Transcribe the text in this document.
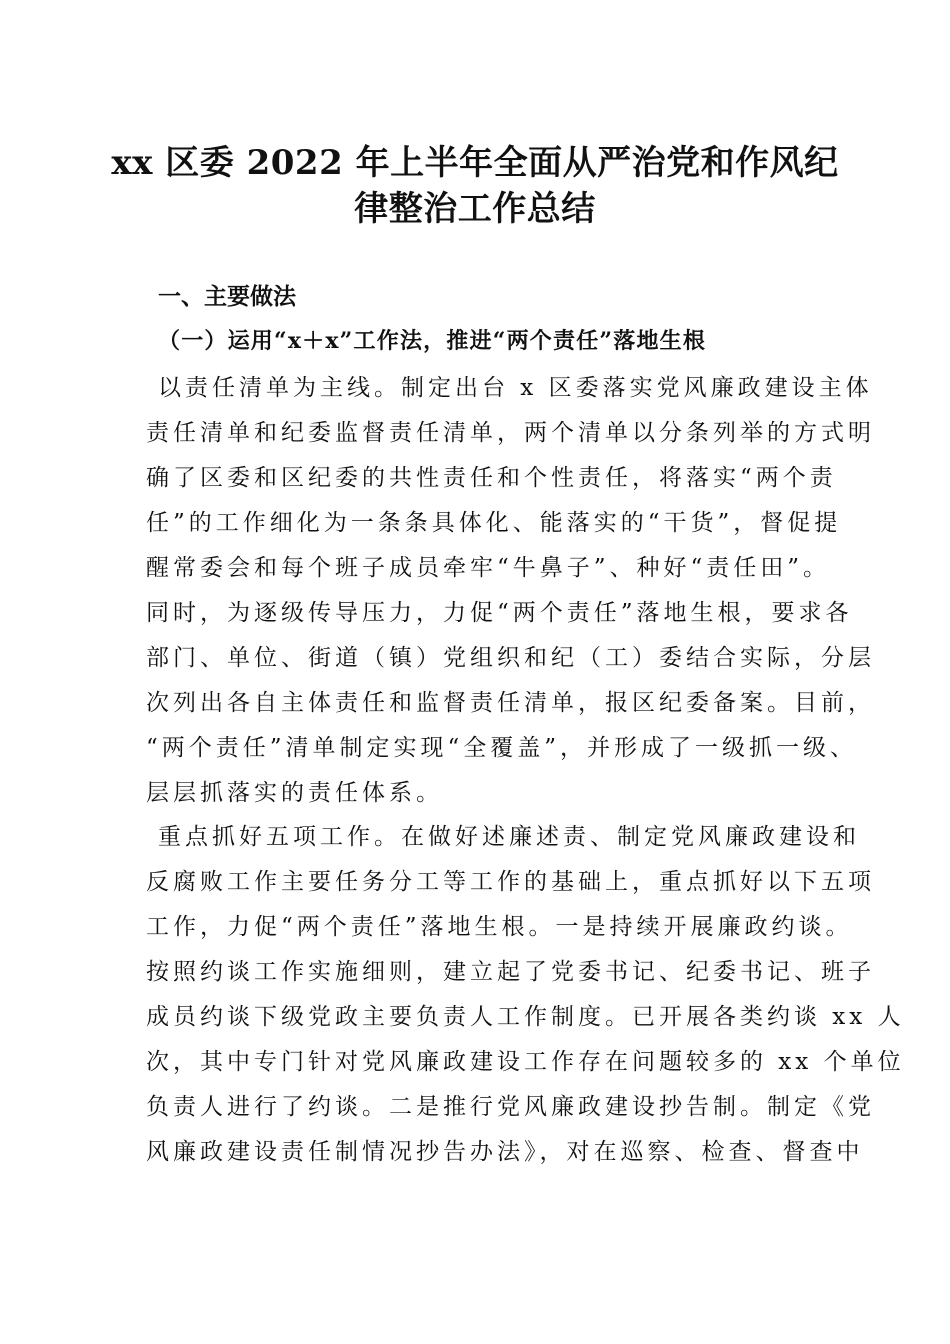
xx 区委 2022 年上半年全面从严治党和作风纪
律整治工作总结
一、主要做法
（一）运用“x＋x”工作法，推进“两个责任”落地生根

以责任清单为主线。制定出台 x 区委落实党风廉政建设主体

责任清单和纪委监督责任清单，两个清单以分条列举的方式明

确了区委和区纪委的共性责任和个性责任，将落实“两个责

任”的工作细化为一条条具体化、能落实的“干货”，督促提

醒常委会和每个班子成员牵牢“牛鼻子”、种好“责任田”。

同时，为逐级传导压力，力促“两个责任”落地生根，要求各

部门、单位、街道（镇）党组织和纪（工）委结合实际，分层

次列出各自主体责任和监督责任清单，报区纪委备案。目前，

“两个责任”清单制定实现“全覆盖”，并形成了一级抓一级、

层层抓落实的责任体系。

重点抓好五项工作。在做好述廉述责、制定党风廉政建设和

反腐败工作主要任务分工等工作的基础上，重点抓好以下五项

工作，力促“两个责任”落地生根。一是持续开展廉政约谈。

按照约谈工作实施细则，建立起了党委书记、纪委书记、班子

成员约谈下级党政主要负责人工作制度。已开展各类约谈 xx 人

次，其中专门针对党风廉政建设工作存在问题较多的 xx 个单位

负责人进行了约谈。二是推行党风廉政建设抄告制。制定《党

风廉政建设责任制情况抄告办法》，对在巡察、检查、督查中
